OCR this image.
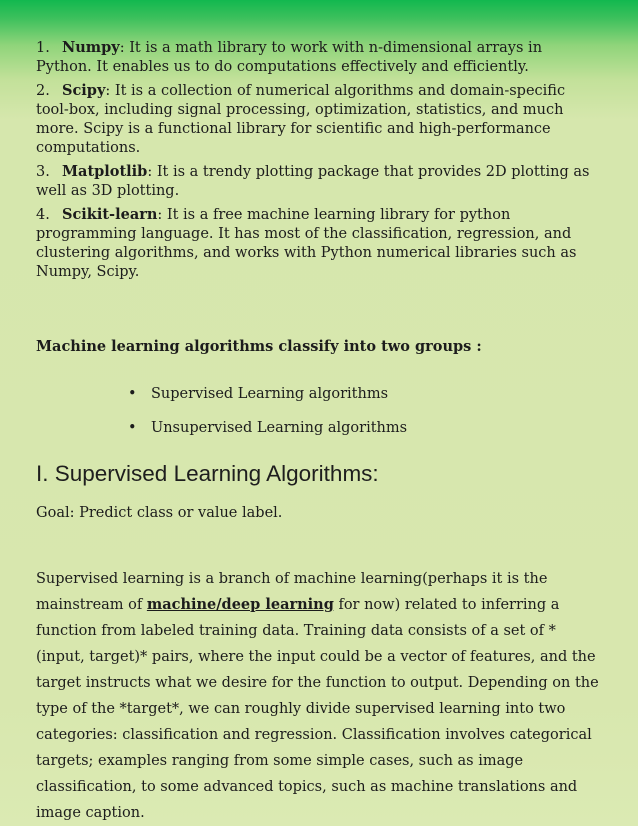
1. Numpy: It is a math library to work with n-dimensional arrays in Python. It enables us to do computations effectively and efficiently.
2. Scipy: It is a collection of numerical algorithms and domain-specific tool-box, including signal processing, optimization, statistics, and much more. Scipy is a functional library for scientific and high-performance computations.
3. Matplotlib: It is a trendy plotting package that provides 2D plotting as well as 3D plotting.
4. Scikit-learn: It is a free machine learning library for python programming language. It has most of the classification, regression, and clustering algorithms, and works with Python numerical libraries such as Numpy, Scipy.

Machine learning algorithms classify into two groups :

• Supervised Learning algorithms
• Unsupervised Learning algorithms
I. Supervised Learning Algorithms:

Goal: Predict class or value label.

Supervised learning is a branch of machine learning(perhaps it is the mainstream of machine/deep learning for now) related to inferring a function from labeled training data. Training data consists of a set of *(input, target)* pairs, where the input could be a vector of features, and the target instructs what we desire for the function to output. Depending on the type of the *target*, we can roughly divide supervised learning into two categories: classification and regression. Classification involves categorical targets; examples ranging from some simple cases, such as image classification, to some advanced topics, such as machine translations and image caption.
